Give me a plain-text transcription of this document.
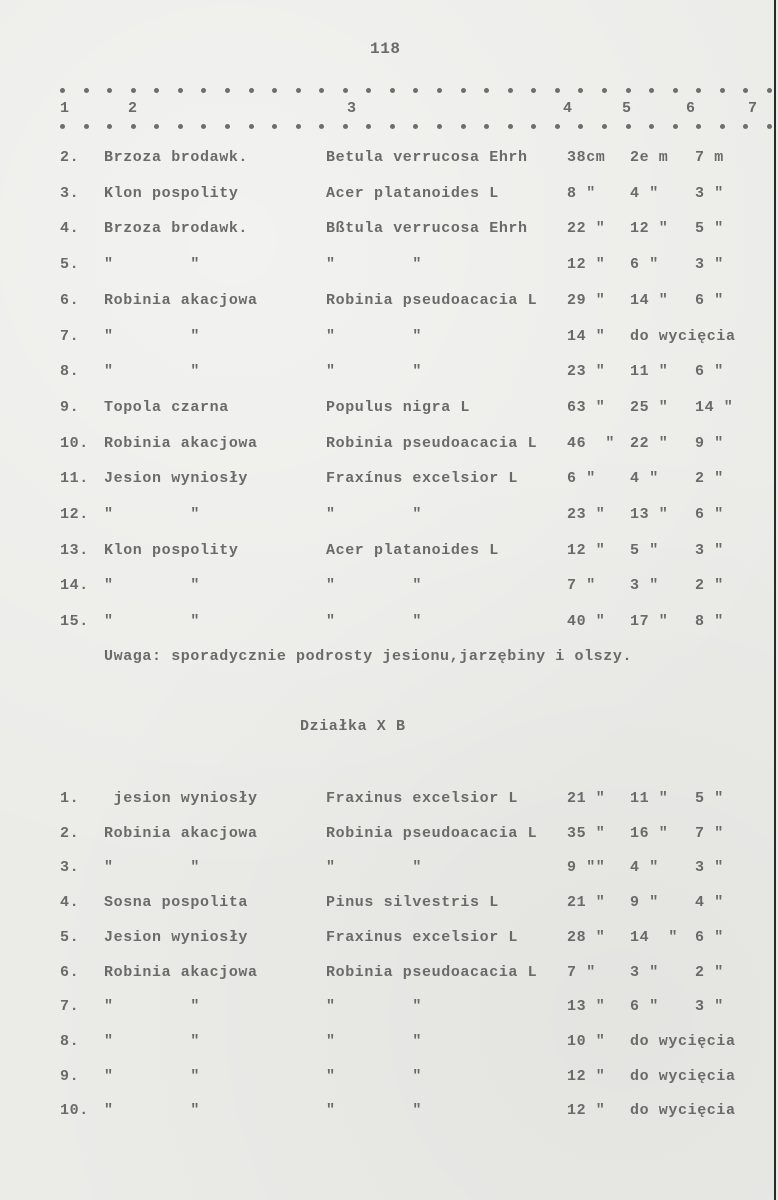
118
1	2	3	4	5	6	7
2. Brzoza brodawk.	Betula verrucosa Ehrh	38cm 2e m 7 m
3. Klon pospolity	Acer platanoides L	8 " 4 " 3 "
4. Brzoza brodawk.	Bßtula verrucosa Ehrh	22 " 12 " 5 "
5. "        "	"        "	12 " 6 " 3 "
6. Robinia akacjowa	Robinia pseudoacacia L 29 " 14 " 6 "
7. "        "	"        "	14 " do wycięcia
8. "        "	"        "	23 " 11 " 6 "
9. Topola czarna	Populus nigra L	63 " 25 " 14 "
10. Robinia akacjowa	Robinia pseudoacacia L 46  " 22 " 9 "
11. Jesion wyniosły	Fraxínus excelsior L	6 " 4 " 2 "
12. "        "	"        "	23 " 13 " 6 "
13. Klon pospolity	Acer platanoides L	12 " 5 " 3 "
14. "        "	"        "	7 " 3 " 2 "
15. "        "	"        "	40 " 17 " 8 "
Uwaga: sporadycznie podrosty jesionu,jarzębiny i olszy.
Działka X B
1. jesion wyniosły	Fraxinus excelsior L	21 " 11 " 5 "
2. Robinia akacjowa	Robinia pseudoacacia L 35 " 16 " 7 "
3. "        "	"        "	9 "" 4 " 3 "
4. Sosna pospolita	Pinus silvestris L	21 " 9 " 4 "
5. Jesion wyniosły	Fraxinus excelsior L	28 " 14  " 6 "
6. Robinia akacjowa	Robinia pseudoacacia L 7 " 3 " 2 "
7. "        "	"        "	13 " 6 " 3 "
8. "        "	"        "	10 " do wycięcia
9. "        "	"        "	12 " do wycięcia
10. "        "	"        "	12 " do wycięcia
